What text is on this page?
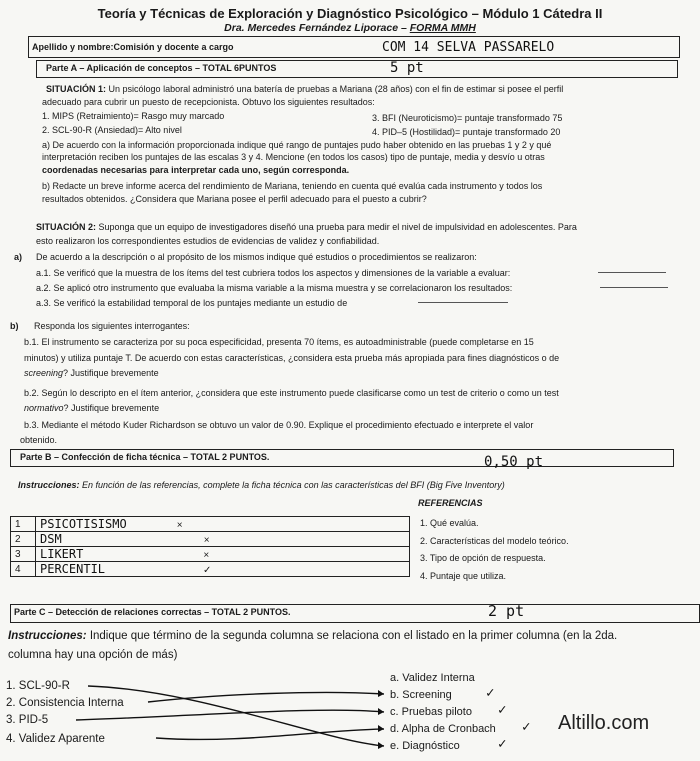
Teoría y Técnicas de Exploración y Diagnóstico Psicológico – Módulo 1 Cátedra II
Dra. Mercedes Fernández Liporace – FORMA MMH
Apellido y nombre:Comisión y docente a cargo	COM 14 SELVA PASSARELO
Parte A – Aplicación de conceptos – TOTAL 6PUNTOS	5 pt
SITUACIÓN 1: Un psicólogo laboral administró una batería de pruebas a Mariana (28 años) con el fin de estimar si posee el perfil
adecuado para cubrir un puesto de recepcionista. Obtuvo los siguientes resultados:
1. MIPS (Retraimiento)= Rasgo muy marcado	3. BFI (Neuroticismo)= puntaje transformado 75
2. SCL-90-R (Ansiedad)= Alto nivel	4. PID–5 (Hostilidad)= puntaje transformado 20
a) De acuerdo con la información proporcionada indique qué rango de puntajes pudo haber obtenido en las pruebas 1 y 2 y qué
interpretación reciben los puntajes de las escalas 3 y 4. Mencione (en todos los casos) tipo de puntaje, media y desvío u otras
coordenadas necesarias para interpretar cada uno, según corresponda.
b) Redacte un breve informe acerca del rendimiento de Mariana, teniendo en cuenta qué evalúa cada instrumento y todos los
resultados obtenidos. ¿Considera que Mariana posee el perfil adecuado para el puesto a cubrir?
SITUACIÓN 2: Suponga que un equipo de investigadores diseñó una prueba para medir el nivel de impulsividad en adolescentes. Para
esto realizaron los correspondientes estudios de evidencias de validez y confiabilidad.
a) De acuerdo a la descripción o al propósito de los mismos indique qué estudios o procedimientos se realizaron:
a.1. Se verificó que la muestra de los ítems del test cubriera todos los aspectos y dimensiones de la variable a evaluar:
a.2. Se aplicó otro instrumento que evaluaba la misma variable a la misma muestra y se correlacionaron los resultados:
a.3. Se verificó la estabilidad temporal de los puntajes mediante un estudio de
b) Responda los siguientes interrogantes:
b.1. El instrumento se caracteriza por su poca especificidad, presenta 70 ítems, es autoadministrable (puede completarse en 15
minutos) y utiliza puntaje T. De acuerdo con estas características, ¿considera esta prueba más apropiada para fines diagnósticos o de
screening? Justifique brevemente
b.2. Según lo descripto en el ítem anterior, ¿considera que este instrumento puede clasificarse como un test de criterio o como un test
normativo? Justifique brevemente
b.3. Mediante el método Kuder Richardson se obtuvo un valor de 0.90. Explique el procedimiento efectuado e interprete el valor
obtenido.
Parte B – Confección de ficha técnica – TOTAL 2 PUNTOS.	0,50 pt
Instrucciones: En función de las referencias, complete la ficha técnica con las características del BFI (Big Five Inventory)
1	PSICOTISISMO ×
2	DSM ×
3	LIKERT ×
4	PERCENTIL ✓
REFERENCIAS
1. Qué evalúa.
2. Características del modelo teórico.
3. Tipo de opción de respuesta.
4. Puntaje que utiliza.
Parte C – Detección de relaciones correctas – TOTAL 2 PUNTOS.	2 pt
Instrucciones: Indique que término de la segunda columna se relaciona con el listado en la primer columna (en la 2da.
columna hay una opción de más)
1. SCL-90-R
2. Consistencia Interna
3. PID-5
4. Validez Aparente
a. Validez Interna
b. Screening
c. Pruebas piloto
d. Alpha de Cronbach
e. Diagnóstico
✓
✓
✓
✓
Altillo.com
